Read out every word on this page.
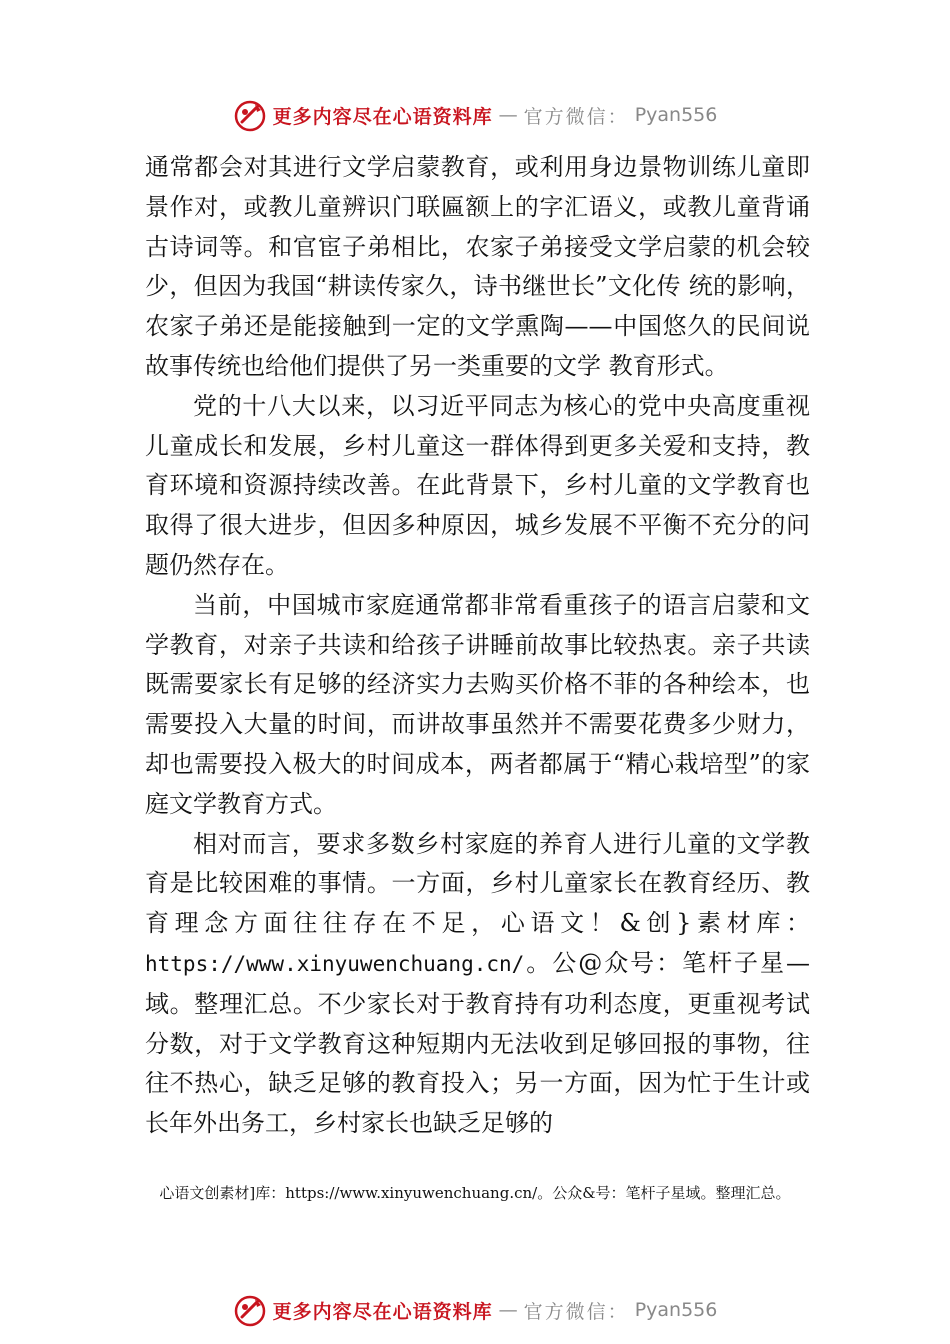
更多内容尽在心语资料库 — 官方微信： Pyan556

通常都会对其进行文学启蒙教育，或利用身边景物训练儿童即景作对，或教儿童辨识门联匾额上的字汇语义，或教儿童背诵古诗词等。和官宦子弟相比，农家子弟接受文学启蒙的机会较少，但因为我国“耕读传家久，诗书继世长”文化传 统的影响，农家子弟还是能接触到一定的文学熏陶——中国悠久的民间说故事传统也给他们提供了另一类重要的文学 教育形式。

党的十八大以来，以习近平同志为核心的党中央高度重视儿童成长和发展，乡村儿童这一群体得到更多关爱和支持，教育环境和资源持续改善。在此背景下，乡村儿童的文学教育也取得了很大进步，但因多种原因，城乡发展不平衡不充分的问题仍然存在。

当前，中国城市家庭通常都非常看重孩子的语言启蒙和文学教育，对亲子共读和给孩子讲睡前故事比较热衷。亲子共读既需要家长有足够的经济实力去购买价格不菲的各种绘本，也需要投入大量的时间，而讲故事虽然并不需要花费多少财力，却也需要投入极大的时间成本，两者都属于“精心栽培型”的家庭文学教育方式。

相对而言，要求多数乡村家庭的养育人进行儿童的文学教育是比较困难的事情。一方面，乡村儿童家长在教育经历、教育理念方面往往存在不足，心语文！&创}素材库：https://www.xinyuwenchuang.cn/。公@众号：笔杆子星—域。整理汇总。不少家长对于教育持有功利态度，更重视考试分数，对于文学教育这种短期内无法收到足够回报的事物，往往不热心，缺乏足够的教育投入；另一方面，因为忙于生计或长年外出务工，乡村家长也缺乏足够的

心语文创素材]库：https://www.xinyuwenchuang.cn/。公众&号：笔杆子星域。整理汇总。
更多内容尽在心语资料库 — 官方微信： Pyan556
